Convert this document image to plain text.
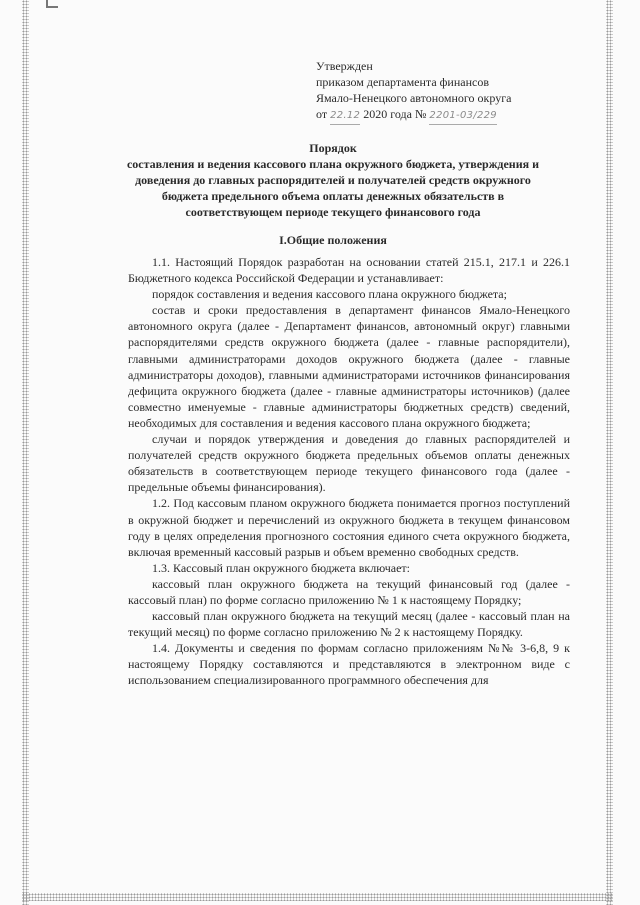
Утвержден
приказом департамента финансов
Ямало-Ненецкого автономного округа
от 22.12 2020 года № 2201-03/229
Порядок
составления и ведения кассового плана окружного бюджета, утверждения и
доведения до главных распорядителей и получателей средств окружного
бюджета предельного объема оплаты денежных обязательств в
соответствующем периоде текущего финансового года
I.Общие положения

1.1. Настоящий Порядок разработан на основании статей 215.1, 217.1 и 226.1 Бюджетного кодекса Российской Федерации и устанавливает:

порядок составления и ведения кассового плана окружного бюджета;

состав и сроки предоставления в департамент финансов Ямало-Ненецкого автономного округа (далее - Департамент финансов, автономный округ) главными распорядителями средств окружного бюджета (далее - главные распорядители), главными администраторами доходов окружного бюджета (далее - главные администраторы доходов), главными администраторами источников финансирования дефицита окружного бюджета (далее - главные администраторы источников) (далее совместно именуемые - главные администраторы бюджетных средств) сведений, необходимых для составления и ведения кассового плана окружного бюджета;

случаи и порядок утверждения и доведения до главных распорядителей и получателей средств окружного бюджета предельных объемов оплаты денежных обязательств в соответствующем периоде текущего финансового года (далее - предельные объемы финансирования).

1.2. Под кассовым планом окружного бюджета понимается прогноз поступлений в окружной бюджет и перечислений из окружного бюджета в текущем финансовом году в целях определения прогнозного состояния единого счета окружного бюджета, включая временный кассовый разрыв и объем временно свободных средств.

1.3. Кассовый план окружного бюджета включает:

кассовый план окружного бюджета на текущий финансовый год (далее - кассовый план) по форме согласно приложению № 1 к настоящему Порядку;

кассовый план окружного бюджета на текущий месяц (далее - кассовый план на текущий месяц) по форме согласно приложению № 2 к настоящему Порядку.

1.4. Документы и сведения по формам согласно приложениям №№ 3-6,8, 9 к настоящему Порядку составляются и представляются в электронном виде с использованием специализированного программного обеспечения для
